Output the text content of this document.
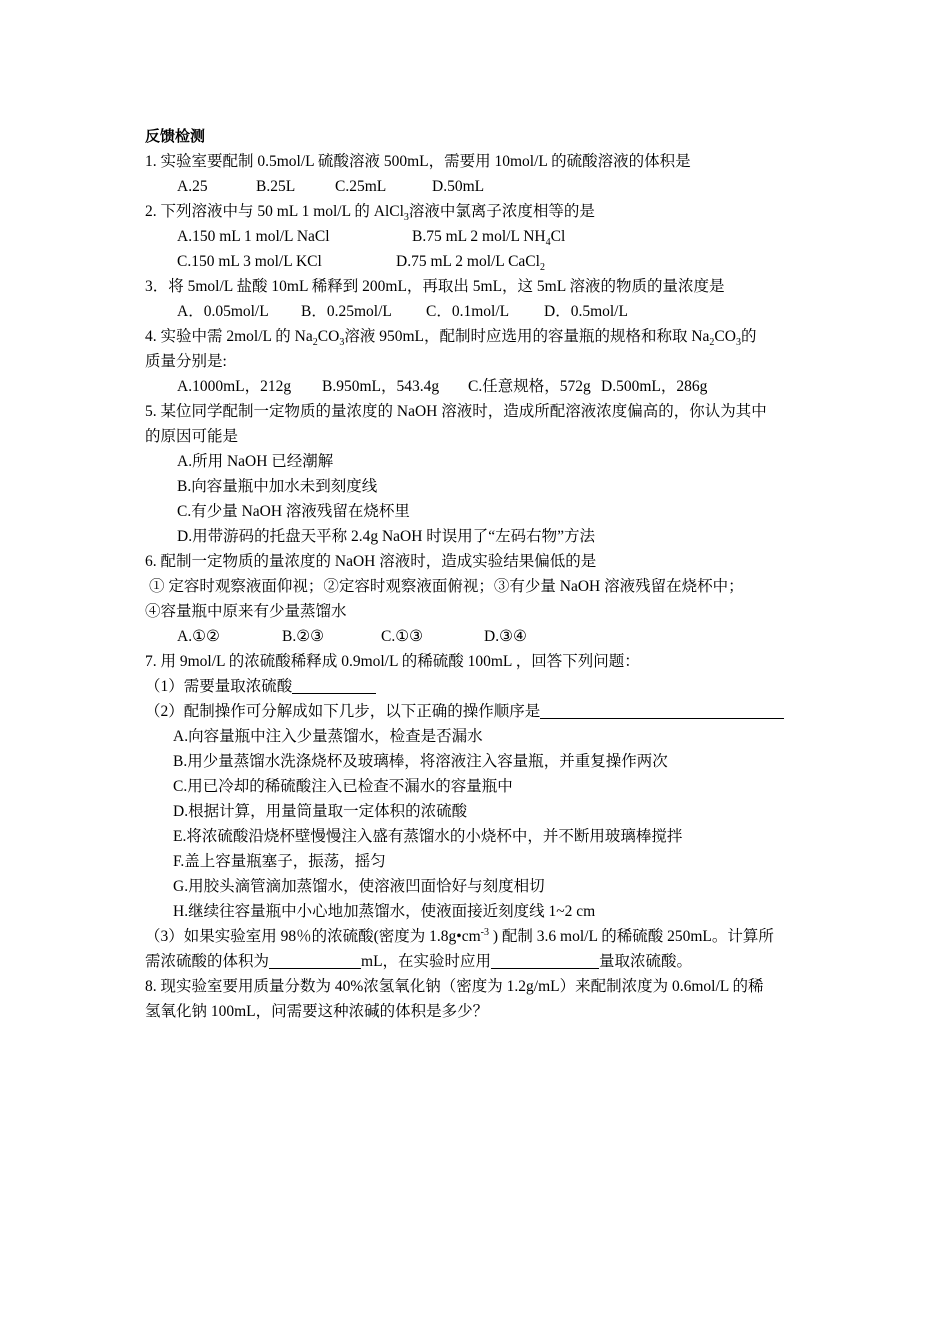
反馈检测
1. 实验室要配制 0.5mol/L 硫酸溶液 500mL，需要用 10mol/L 的硫酸溶液的体积是
A.25	B.25L	C.25mL	D.50mL
2. 下列溶液中与 50 mL 1 mol/L 的 AlCl$_3$溶液中氯离子浓度相等的是
A.150 mL 1 mol/L NaCl	B.75 mL 2 mol/L $NH_4Cl$
C.150 mL 3 mol/L KCl	D.75 mL 2 mol/L CaCl$_2$
3．将 5mol/L 盐酸 10mL 稀释到 200mL，再取出 5mL，这 5mL 溶液的物质的量浓度是
A．0.05mol/L B．0.25mol/L C．0.1mol/L D．0.5mol/L
4. 实验中需 2mol/L 的 $Na_2CO_3$溶液 950mL，配制时应选用的容量瓶的规格和称取 $Na_2CO_3$的
质量分别是:
A.1000mL，212g B.950mL，543.4g C.任意规格，572g D.500mL，286g
5. 某位同学配制一定物质的量浓度的 NaOH 溶液时，造成所配溶液浓度偏高的，你认为其中
的原因可能是
A.所用 NaOH 已经潮解
B.向容量瓶中加水未到刻度线
C.有少量 NaOH 溶液残留在烧杯里
D.用带游码的托盘天平称 2.4g NaOH 时误用了“左码右物”方法
6. 配制一定物质的量浓度的 NaOH 溶液时，造成实验结果偏低的是
① 定容时观察液面仰视；②定容时观察液面俯视；③有少量 NaOH 溶液残留在烧杯中；
④容量瓶中原来有少量蒸馏水
A.①②	B.②③	C.①③	D.③④
7. 用 9mol/L 的浓硫酸稀释成 0.9mol/L 的稀硫酸 100mL ，回答下列问题：
（1）需要量取浓硫酸
（2）配制操作可分解成如下几步，以下正确的操作顺序是
A.向容量瓶中注入少量蒸馏水，检查是否漏水
B.用少量蒸馏水洗涤烧杯及玻璃棒，将溶液注入容量瓶，并重复操作两次
C.用已冷却的稀硫酸注入已检查不漏水的容量瓶中
D.根据计算，用量筒量取一定体积的浓硫酸
E.将浓硫酸沿烧杯壁慢慢注入盛有蒸馏水的小烧杯中，并不断用玻璃棒搅拌
F.盖上容量瓶塞子，振荡，摇匀
G.用胶头滴管滴加蒸馏水，使溶液凹面恰好与刻度相切
H.继续往容量瓶中小心地加蒸馏水，使液面接近刻度线 1~2 cm
（3）如果实验室用 98％的浓硫酸(密度为 $1.8g•cm^{-3}$ ) 配制 3.6 mol/L 的稀硫酸 250mL。计算所
需浓硫酸的体积为	mL，在实验时应用	量取浓硫酸。
8. 现实验室要用质量分数为 40%浓氢氧化钠（密度为 1.2g/mL）来配制浓度为 0.6mol/L 的稀
氢氧化钠 100mL，问需要这种浓碱的体积是多少？
